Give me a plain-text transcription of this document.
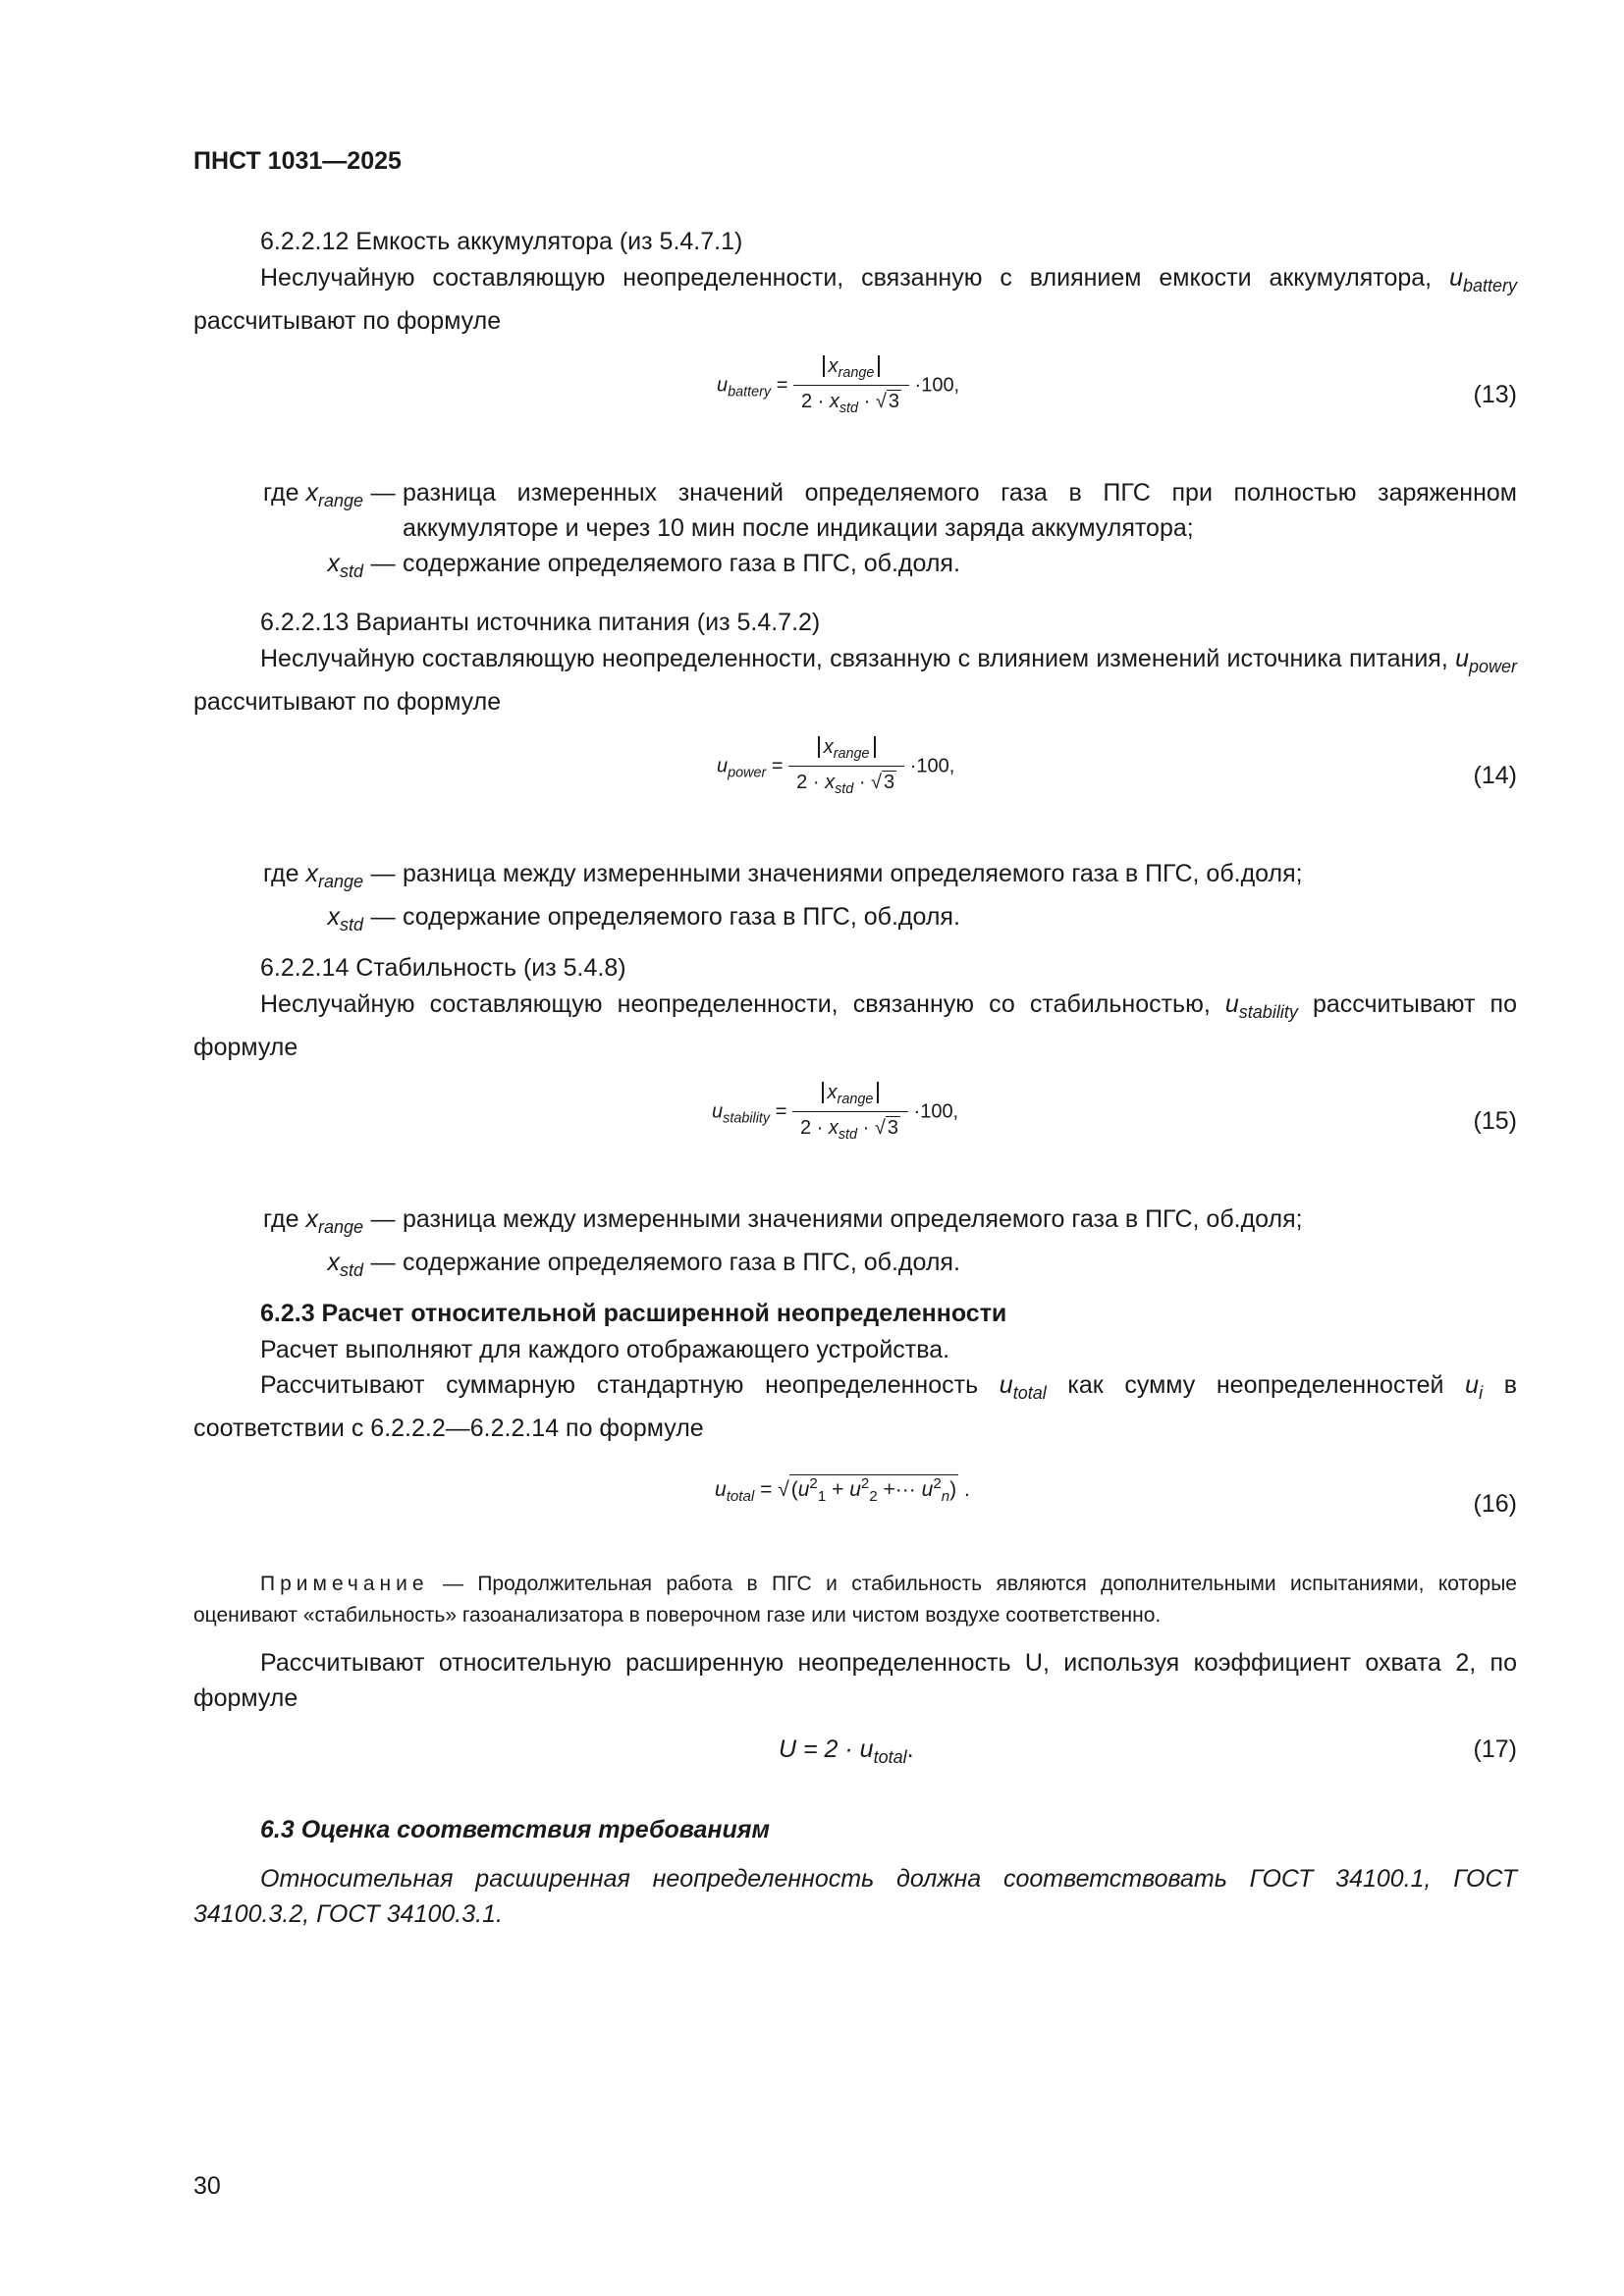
ПНСТ 1031—2025
6.2.2.12 Емкость аккумулятора (из 5.4.7.1)

Неслучайную составляющую неопределенности, связанную с влиянием емкости аккумулятора, $u_{battery}$ рассчитывают по формуле

$u_{battery} = \frac{x_{range}}{2 \cdot x_{std} \cdot √ 3} \cdot 100$,	(13)
где $x_{range}$ — разница измеренных значений определяемого газа в ПГС при полностью заряженном аккумуляторе и через 10 мин после индикации заряда аккумулятора;
$x_{std}$ — содержание определяемого газа в ПГС, об.доля.
6.2.2.13 Варианты источника питания (из 5.4.7.2)

Неслучайную составляющую неопределенности, связанную с влиянием изменений источника питания, $u_{power}$ рассчитывают по формуле

$u_{power} = \frac{x_{range}}{2 \cdot x_{std} \cdot √ 3} \cdot 100$,	(14)
где $x_{range}$ — разница между измеренными значениями определяемого газа в ПГС, об.доля;
$x_{std}$ — содержание определяемого газа в ПГС, об.доля.
6.2.2.14 Стабильность (из 5.4.8)

Неслучайную составляющую неопределенности, связанную со стабильностью, $u_{stability}$ рассчитывают по формуле

$u_{stability} = \frac{x_{range}}{2 \cdot x_{std} \cdot √ 3} \cdot 100$,	(15)
где $x_{range}$ — разница между измеренными значениями определяемого газа в ПГС, об.доля;
$x_{std}$ — содержание определяемого газа в ПГС, об.доля.
6.2.3 Расчет относительной расширенной неопределенности

Расчет выполняют для каждого отображающего устройства.

Рассчитывают суммарную стандартную неопределенность $u_{total}$ как сумму неопределенностей $u_i$ в соответствии с 6.2.2.2—6.2.2.14 по формуле

$u_{total} = √(u^2_1 + u^2_2$ +··· $u^2_n$) .
(16)
Примечание — Продолжительная работа в ПГС и стабильность являются дополнительными испытаниями, которые оценивают «стабильность» газоанализатора в поверочном газе или чистом воздухе соответственно.

Рассчитывают относительную расширенную неопределенность U, используя коэффициент охвата 2, по формуле

$U = 2 \cdot u_{total}$.	(17)
6.3 Оценка соответствия требованиям

Относительная расширенная неопределенность должна соответствовать ГОСТ 34100.1, ГОСТ 34100.3.2, ГОСТ 34100.3.1.

30
